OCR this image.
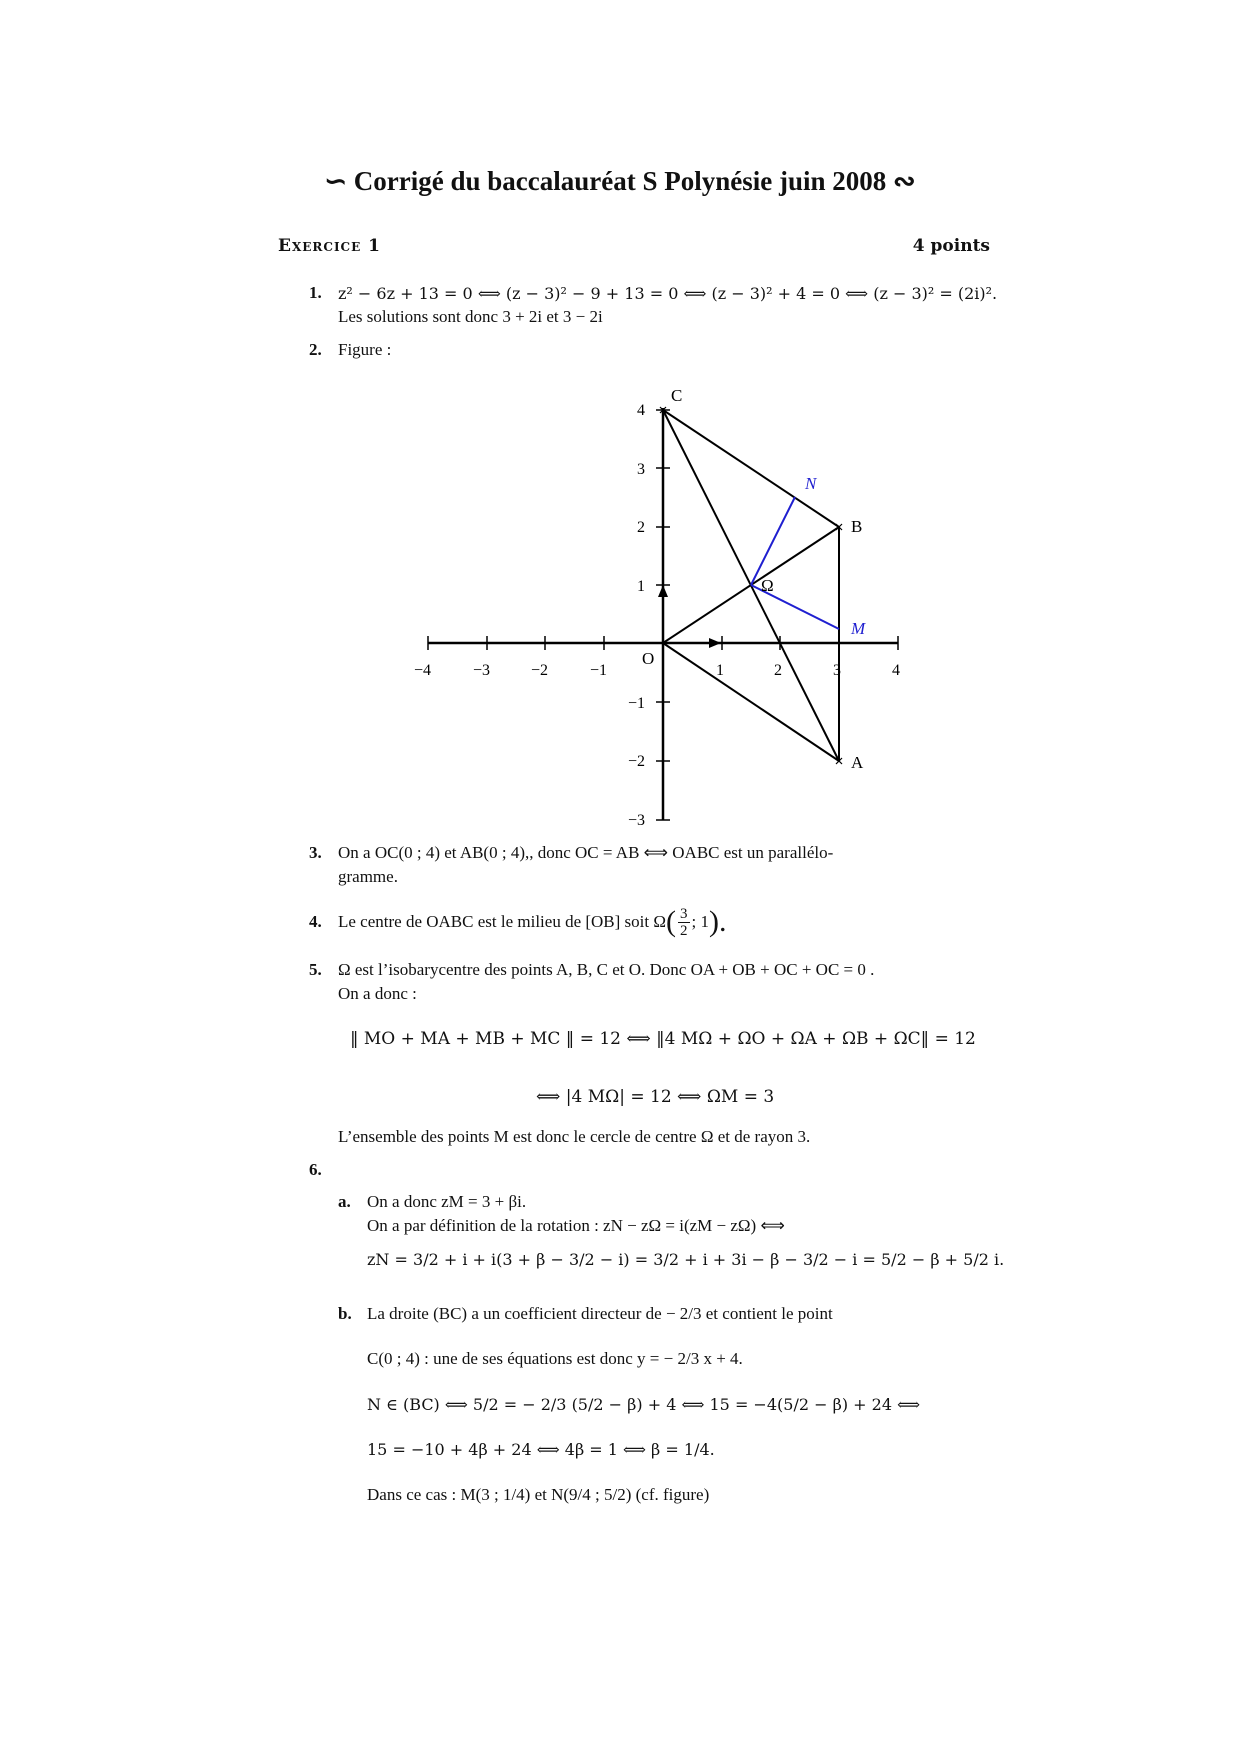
∽ Corrigé du baccalauréat S Polynésie juin 2008 ∾
Exercice 1	4 points
1. z² − 6z + 13 = 0 ⟺ (z − 3)² − 9 + 13 = 0 ⟺ (z − 3)² + 4 = 0 ⟺ (z − 3)² = (2i)².
Les solutions sont donc 3 + 2i et 3 − 2i
2. Figure :
−4	−3	−2	−1	1	2	3	4
4
3
2
1
−1
−2
−3
O
C
B
A
Ω
N
M
3. On a OC(0 ; 4) et AB(0 ; 4),, donc OC = AB ⟺ OABC est un parallélo-
gramme.
4. Le centre de OABC est le milieu de [OB] soit Ω ( $\frac{3}{2}$ ; 1 ).
5. Ω est l’isobarycentre des points A, B, C et O. Donc OA + OB + OC + OC = 0 .
On a donc :
‖ MO + MA + MB + MC ‖ = 12 ⟺ ‖4 MΩ + ΩO + ΩA + ΩB + ΩC‖ = 12
⟺ |4 MΩ| = 12 ⟺ ΩM = 3
L’ensemble des points M est donc le cercle de centre Ω et de rayon 3.
6.
a. On a donc zM = 3 + βi.
On a par définition de la rotation : zN − zΩ = i(zM − zΩ) ⟺
zN = 3/2 + i + i(3 + β − 3/2 − i) = 3/2 + i + 3i − β − 3/2 − i = 5/2 − β + 5/2 i.
b. La droite (BC) a un coefficient directeur de − 2/3 et contient le point
C(0 ; 4) : une de ses équations est donc y = − 2/3 x + 4.
N ∈ (BC) ⟺ 5/2 = − 2/3 (5/2 − β) + 4 ⟺ 15 = −4(5/2 − β) + 24 ⟺
15 = −10 + 4β + 24 ⟺ 4β = 1 ⟺ β = 1/4.
Dans ce cas : M(3 ; 1/4) et N(9/4 ; 5/2) (cf. figure)
